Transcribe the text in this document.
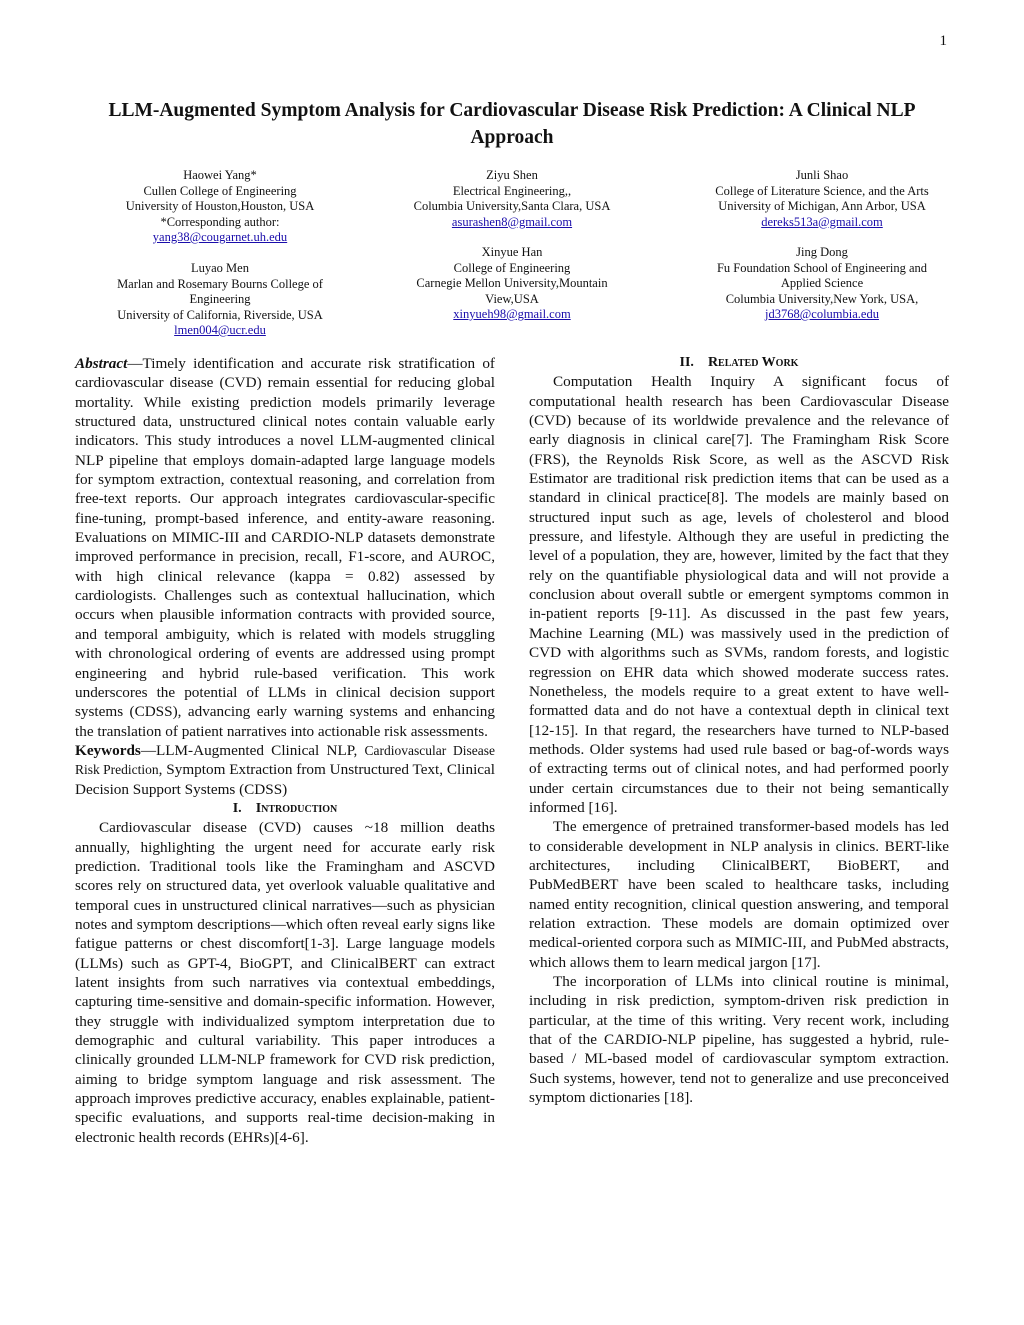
1
LLM-Augmented Symptom Analysis for Cardiovascular Disease Risk Prediction: A Clinical NLP Approach
Haowei Yang*
Cullen College of Engineering
University of Houston,Houston, USA
*Corresponding author:
yang38@cougarnet.uh.edu
Ziyu Shen
Electrical Engineering,,
Columbia University,Santa Clara, USA
asurashen8@gmail.com
Junli Shao
College of Literature Science, and the Arts
University of Michigan, Ann Arbor, USA
dereks513a@gmail.com
Luyao Men
Marlan and Rosemary Bourns College of
Engineering
University of California, Riverside, USA
lmen004@ucr.edu
Xinyue Han
College of Engineering
Carnegie Mellon University,Mountain
View,USA
xinyueh98@gmail.com
Jing Dong
Fu Foundation School of Engineering and
Applied Science
Columbia University,New York, USA,
jd3768@columbia.edu

Abstract—Timely identification and accurate risk stratification of cardiovascular disease (CVD) remain essential for reducing global mortality. While existing prediction models primarily leverage structured data, unstructured clinical notes contain valuable early indicators. This study introduces a novel LLM-augmented clinical NLP pipeline that employs domain-adapted large language models for symptom extraction, contextual reasoning, and correlation from free-text reports. Our approach integrates cardiovascular-specific fine-tuning, prompt-based inference, and entity-aware reasoning. Evaluations on MIMIC-III and CARDIO-NLP datasets demonstrate improved performance in precision, recall, F1-score, and AUROC, with high clinical relevance (kappa = 0.82) assessed by cardiologists. Challenges such as contextual hallucination, which occurs when plausible information contracts with provided source, and temporal ambiguity, which is related with models struggling with chronological ordering of events are addressed using prompt engineering and hybrid rule-based verification. This work underscores the potential of LLMs in clinical decision support systems (CDSS), advancing early warning systems and enhancing the translation of patient narratives into actionable risk assessments.

Keywords—LLM-Augmented Clinical NLP, Cardiovascular Disease Risk Prediction, Symptom Extraction from Unstructured Text, Clinical Decision Support Systems (CDSS)

I. Introduction

Cardiovascular disease (CVD) causes ~18 million deaths annually, highlighting the urgent need for accurate early risk prediction. Traditional tools like the Framingham and ASCVD scores rely on structured data, yet overlook valuable qualitative and temporal cues in unstructured clinical narratives—such as physician notes and symptom descriptions—which often reveal early signs like fatigue patterns or chest discomfort[1-3]. Large language models (LLMs) such as GPT-4, BioGPT, and ClinicalBERT can extract latent insights from such narratives via contextual embeddings, capturing time-sensitive and domain-specific information. However, they struggle with individualized symptom interpretation due to demographic and cultural variability. This paper introduces a clinically grounded LLM-NLP framework for CVD risk prediction, aiming to bridge symptom language and risk assessment. The approach improves predictive accuracy, enables explainable, patient-specific evaluations, and supports real-time decision-making in electronic health records (EHRs)[4-6].

II. Related Work

Computation Health Inquiry A significant focus of computational health research has been Cardiovascular Disease (CVD) because of its worldwide prevalence and the relevance of early diagnosis in clinical care[7]. The Framingham Risk Score (FRS), the Reynolds Risk Score, as well as the ASCVD Risk Estimator are traditional risk prediction items that can be used as a standard in clinical practice[8]. The models are mainly based on structured input such as age, levels of cholesterol and blood pressure, and lifestyle. Although they are useful in predicting the level of a population, they are, however, limited by the fact that they rely on the quantifiable physiological data and will not provide a conclusion about overall subtle or emergent symptoms common in in-patient reports [9-11]. As discussed in the past few years, Machine Learning (ML) was massively used in the prediction of CVD with algorithms such as SVMs, random forests, and logistic regression on EHR data which showed moderate success rates. Nonetheless, the models require to a great extent to have well-formatted data and do not have a contextual depth in clinical text [12-15]. In that regard, the researchers have turned to NLP-based methods. Older systems had used rule based or bag-of-words ways of extracting terms out of clinical notes, and had performed poorly under certain circumstances due to their not being semantically informed [16].

The emergence of pretrained transformer-based models has led to considerable development in NLP analysis in clinics. BERT-like architectures, including ClinicalBERT, BioBERT, and PubMedBERT have been scaled to healthcare tasks, including named entity recognition, clinical question answering, and temporal relation extraction. These models are domain optimized over medical-oriented corpora such as MIMIC-III, and PubMed abstracts, which allows them to learn medical jargon [17].

The incorporation of LLMs into clinical routine is minimal, including in risk prediction, symptom-driven risk prediction in particular, at the time of this writing. Very recent work, including that of the CARDIO-NLP pipeline, has suggested a hybrid, rule-based / ML-based model of cardiovascular symptom extraction. Such systems, however, tend not to generalize and use preconceived symptom dictionaries [18].
